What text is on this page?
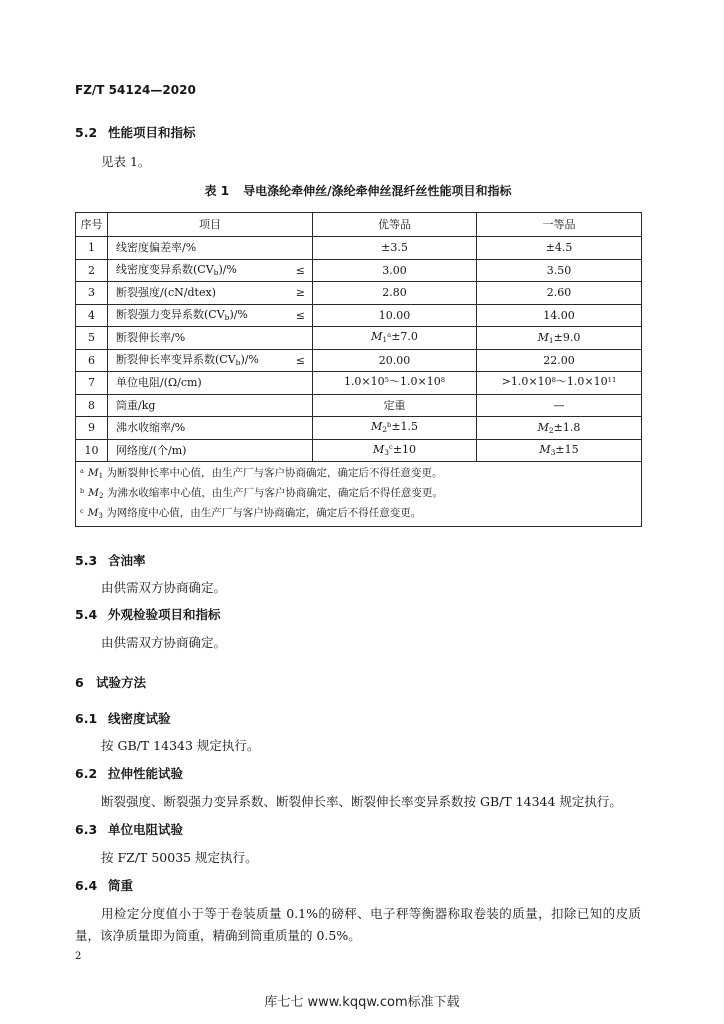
FZ/T 54124—2020
5.2 性能项目和指标
见表 1。
表 1 导电涤纶牵伸丝/涤纶牵伸丝混纤丝性能项目和指标
序号	项目	优等品	一等品
1	线密度偏差率/%	±3.5	±4.5
2	线密度变异系数$(CV_b)/\%$ ≤	3.00	3.50
3	断裂强度/(cN/dtex) ≥	2.80	2.60
4	断裂强力变异系数$(CV_b)/\%$ ≤	10.00	14.00
5	断裂伸长率/%	$M_1^a\pm 7.0$	$M_1\pm 9.0$
6	断裂伸长率变异系数$(CV_b)/\%$ ≤	20.00	22.00
7	单位电阻/(Ω/cm)	$1.0\times 10^5\sim 1.0\times 10^8$	$>1.0\times 10^8\sim 1.0\times 10^{11}$
8	筒重/kg	定重	—
9	沸水收缩率/%	$M_2^b\pm 1.5$	$M_2\pm 1.8$
10	网络度/(个/m)	$M_3^c\pm 10$	$M_3\pm 15$

$^a$ $M_1$ 为断裂伸长率中心值，由生产厂与客户协商确定，确定后不得任意变更。
$^b$ $M_2$ 为沸水收缩率中心值，由生产厂与客户协商确定，确定后不得任意变更。
$^c$ $M_3$ 为网络度中心值，由生产厂与客户协商确定，确定后不得任意变更。			
5.3 含油率
由供需双方协商确定。
5.4 外观检验项目和指标
由供需双方协商确定。
6 试验方法
6.1 线密度试验
按 GB/T 14343 规定执行。
6.2 拉伸性能试验
断裂强度、断裂强力变异系数、断裂伸长率、断裂伸长率变异系数按 GB/T 14344 规定执行。
6.3 单位电阻试验
按 FZ/T 50035 规定执行。
6.4 筒重
用检定分度值小于等于卷装质量 0.1%的磅秤、电子秤等衡器称取卷装的质量，扣除已知的皮质量，该净质量即为筒重，精确到筒重质量的 0.5%。
2
库七七 www.kqqw.com标准下载
